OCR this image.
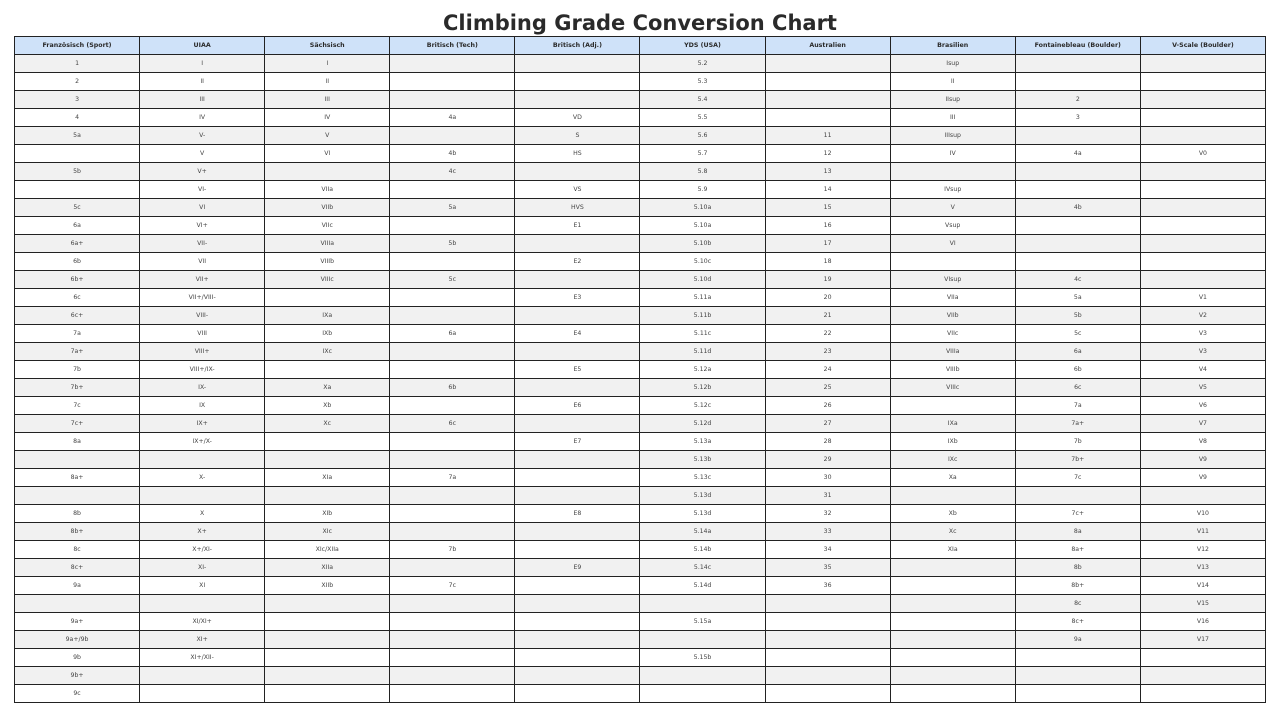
Climbing Grade Conversion Chart
Französisch (Sport)	UIAA	Sächsisch	Britisch (Tech)	Britisch (Adj.)	YDS (USA)	Australien	Brasilien	Fontainebleau (Boulder)	V-Scale (Boulder)
1	I	I			5.2		Isup		
2	II	II			5.3		II		
3	III	III			5.4		IIsup	2	
4	IV	IV	4a	VD	5.5		III	3	
5a	V-	V		S	5.6	11	IIIsup		
	V	VI	4b	HS	5.7	12	IV	4a	V0
5b	V+		4c		5.8	13			
	VI-	VIIa		VS	5.9	14	IVsup		
5c	VI	VIIb	5a	HVS	5.10a	15	V	4b	
6a	VI+	VIIc		E1	5.10a	16	Vsup		
6a+	VII-	VIIIa	5b		5.10b	17	VI		
6b	VII	VIIIb		E2	5.10c	18			
6b+	VII+	VIIIc	5c		5.10d	19	VIsup	4c	
6c	VII+/VIII-			E3	5.11a	20	VIIa	5a	V1
6c+	VIII-	IXa			5.11b	21	VIIb	5b	V2
7a	VIII	IXb	6a	E4	5.11c	22	VIIc	5c	V3
7a+	VIII+	IXc			5.11d	23	VIIIa	6a	V3
7b	VIII+/IX-			E5	5.12a	24	VIIIb	6b	V4
7b+	IX-	Xa	6b		5.12b	25	VIIIc	6c	V5
7c	IX	Xb		E6	5.12c	26		7a	V6
7c+	IX+	Xc	6c		5.12d	27	IXa	7a+	V7
8a	IX+/X-			E7	5.13a	28	IXb	7b	V8
					5.13b	29	IXc	7b+	V9
8a+	X-	XIa	7a		5.13c	30	Xa	7c	V9
					5.13d	31			
8b	X	XIb		E8	5.13d	32	Xb	7c+	V10
8b+	X+	XIc			5.14a	33	Xc	8a	V11
8c	X+/XI-	XIc/XIIa	7b		5.14b	34	XIa	8a+	V12
8c+	XI-	XIIa		E9	5.14c	35		8b	V13
9a	XI	XIIb	7c		5.14d	36		8b+	V14
								8c	V15
9a+	XI/XI+				5.15a			8c+	V16
9a+/9b	XI+							9a	V17
9b	XI+/XII-				5.15b				
9b+									
9c									
